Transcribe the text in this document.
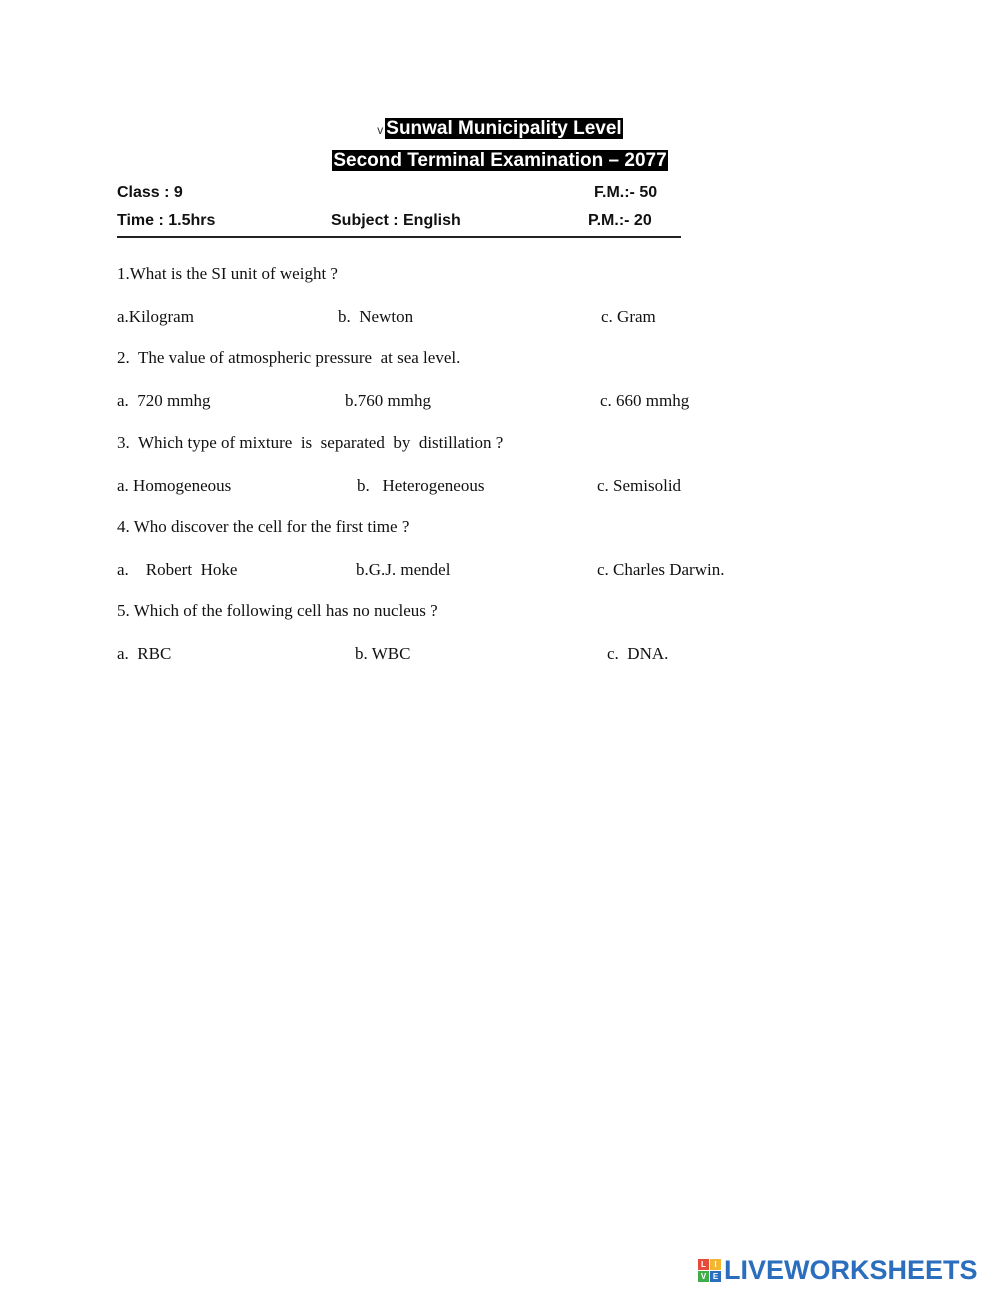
v Sunwal Municipality Level
Second Terminal Examination – 2077
Class : 9	F.M.:- 50
Time : 1.5hrs	Subject : English	P.M.:- 20
1.What is the SI unit of weight ?
a.Kilogram	b.  Newton	c. Gram
2.  The value of atmospheric pressure  at sea level.
a.  720 mmhg	b.760 mmhg	c. 660 mmhg
3.  Which type of mixture  is  separated  by  distillation ?
a. Homogeneous	b.   Heterogeneous	c. Semisolid
4. Who discover the cell for the first time ?
a.    Robert  Hoke	b.G.J. mendel	c. Charles Darwin.
5. Which of the following cell has no nucleus ?
a.  RBC	b. WBC	c.  DNA.
L	I
V E LIVEWORKSHEETS
